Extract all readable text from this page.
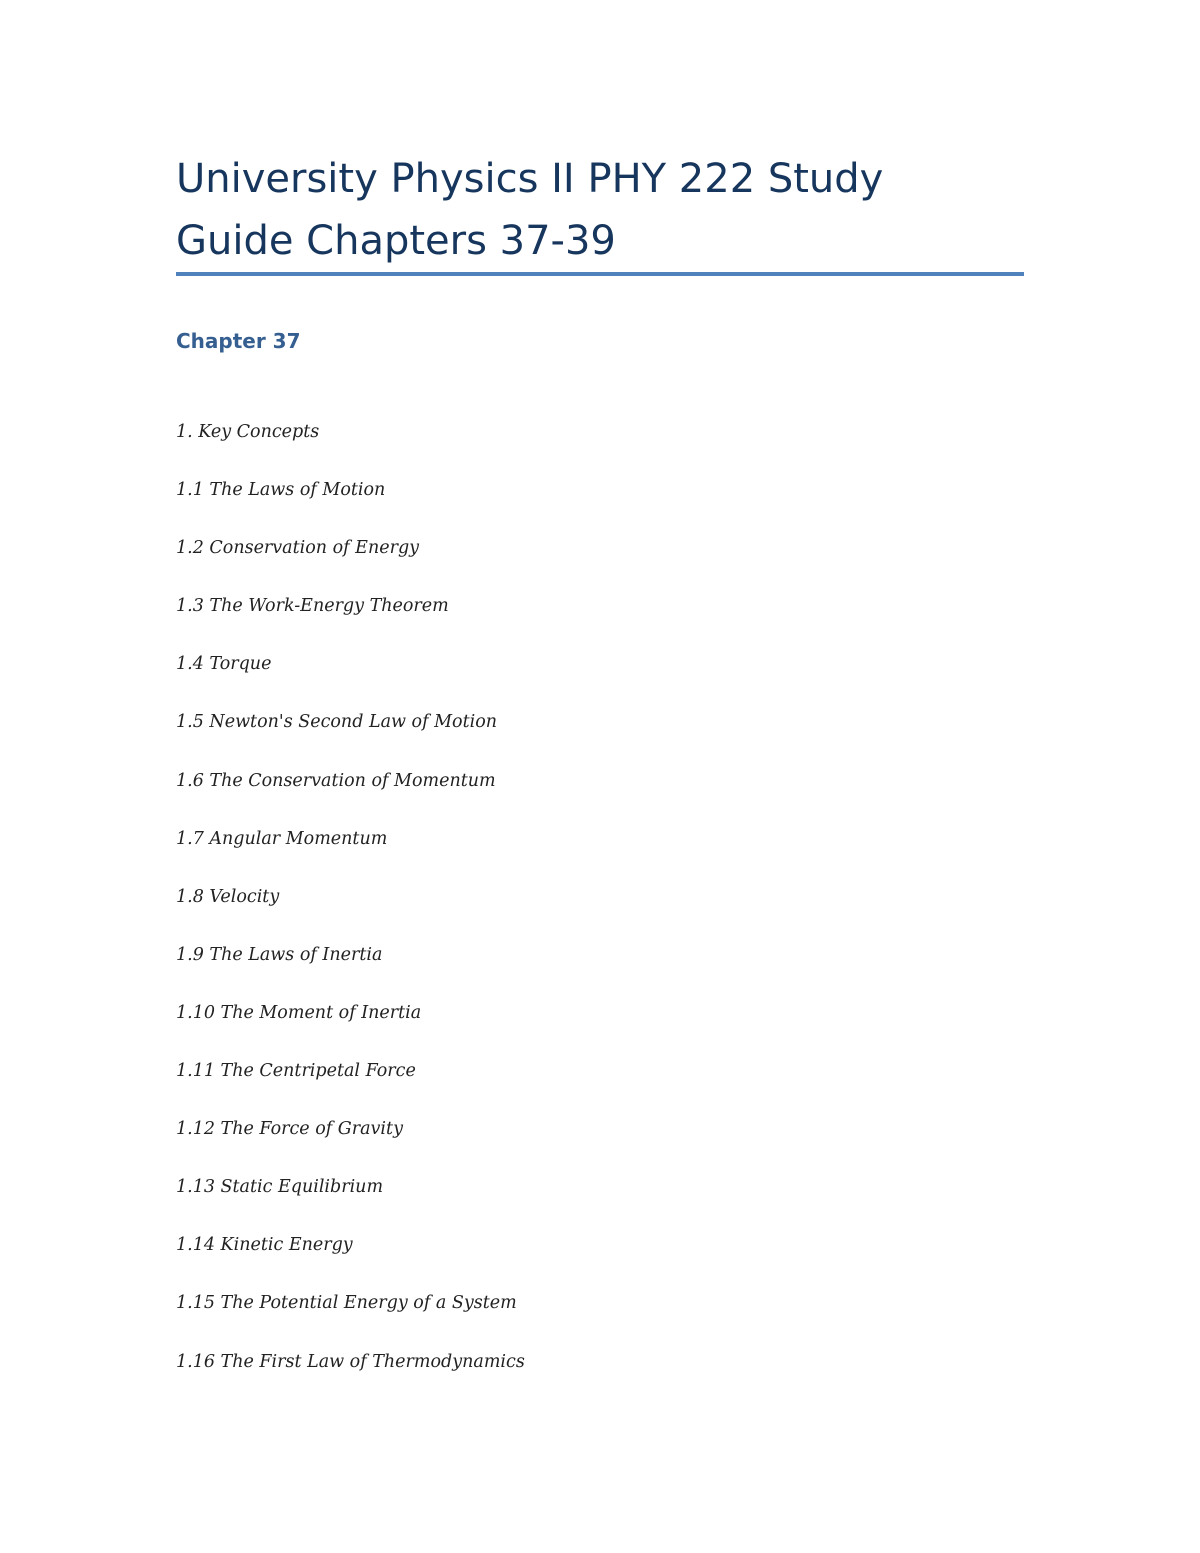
University Physics II PHY 222 Study
Guide Chapters 37-39
Chapter 37
1. Key Concepts
1.1 The Laws of Motion
1.2 Conservation of Energy
1.3 The Work-Energy Theorem
1.4 Torque
1.5 Newton's Second Law of Motion
1.6 The Conservation of Momentum
1.7 Angular Momentum
1.8 Velocity
1.9 The Laws of Inertia
1.10 The Moment of Inertia
1.11 The Centripetal Force
1.12 The Force of Gravity
1.13 Static Equilibrium
1.14 Kinetic Energy
1.15 The Potential Energy of a System
1.16 The First Law of Thermodynamics
